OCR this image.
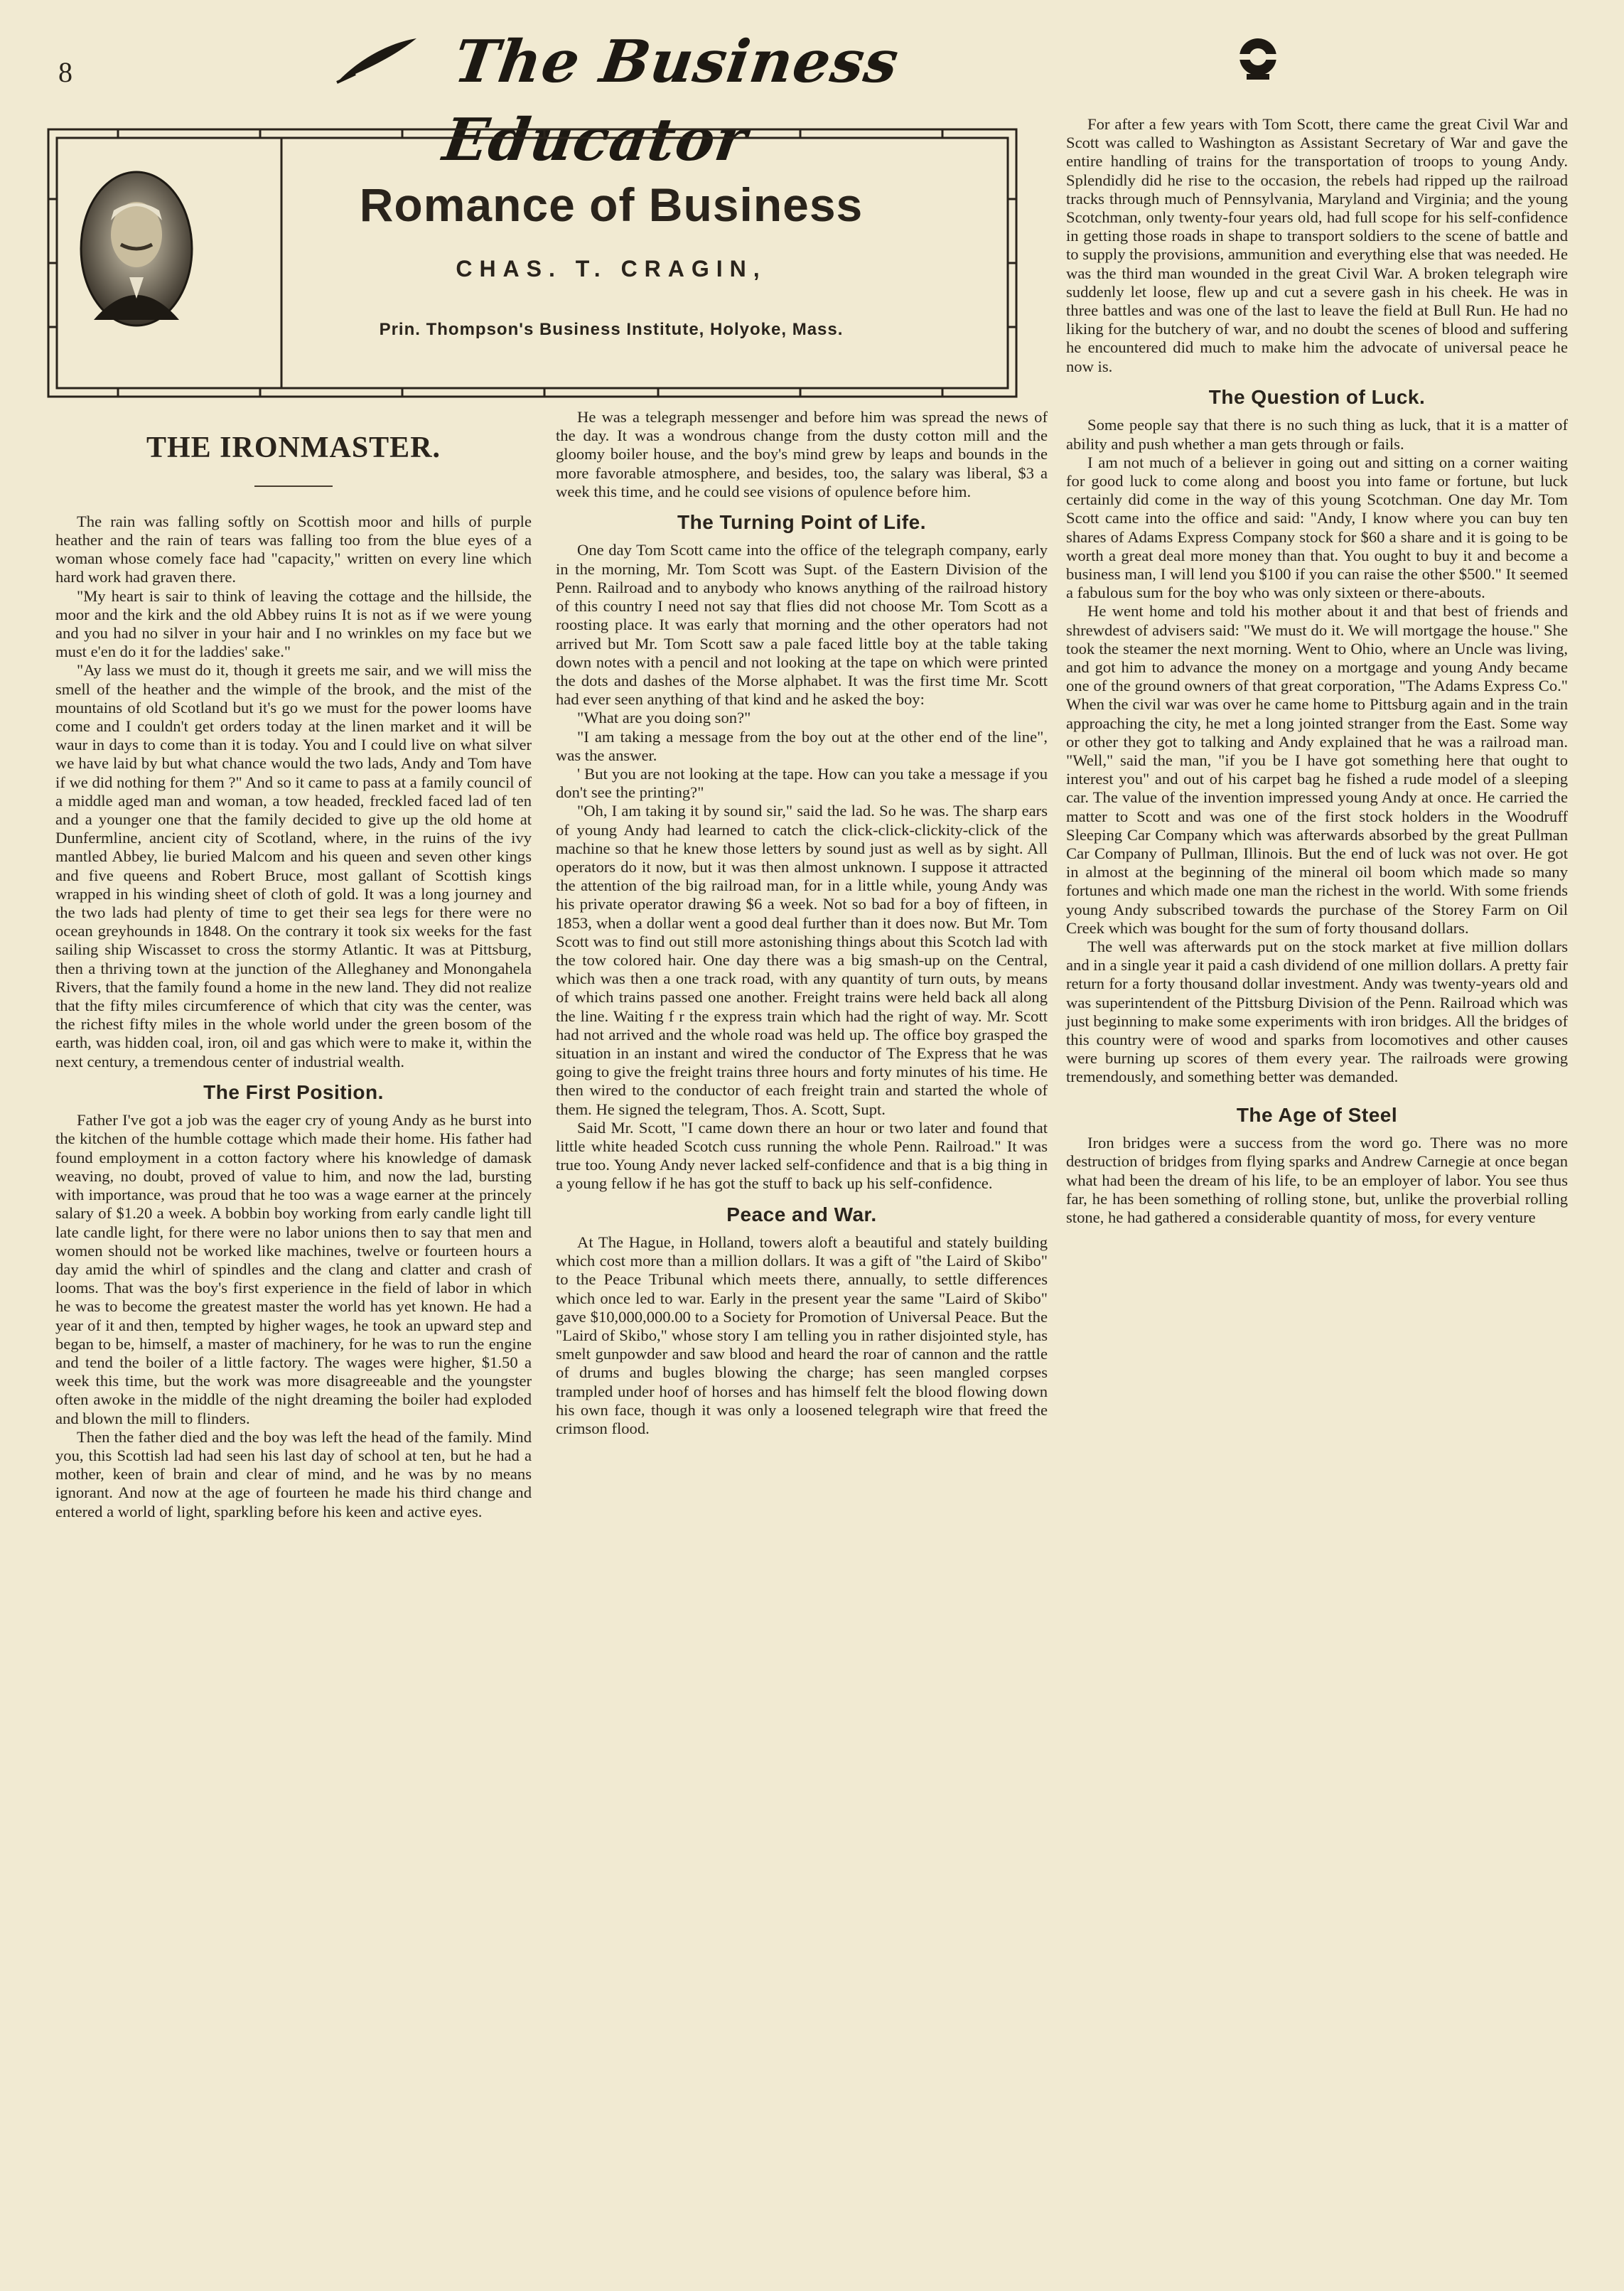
8	The Business Educator
Romance of Business
CHAS. T. CRAGIN,
Prin. Thompson's Business Institute, Holyoke, Mass.
THE IRONMASTER.

The rain was falling softly on Scottish moor and hills of purple heather and the rain of tears was falling too from the blue eyes of a woman whose comely face had "capacity," written on every line which hard work had graven there.

"My heart is sair to think of leaving the cottage and the hillside, the moor and the kirk and the old Abbey ruins It is not as if we were young and you had no silver in your hair and I no wrinkles on my face but we must e'en do it for the laddies' sake."

"Ay lass we must do it, though it greets me sair, and we will miss the smell of the heather and the wimple of the brook, and the mist of the mountains of old Scotland but it's go we must for the power looms have come and I couldn't get orders today at the linen market and it will be waur in days to come than it is today. You and I could live on what silver we have laid by but what chance would the two lads, Andy and Tom have if we did nothing for them ?" And so it came to pass at a family council of a middle aged man and woman, a tow headed, freckled faced lad of ten and a younger one that the family decided to give up the old home at Dunfermline, ancient city of Scotland, where, in the ruins of the ivy mantled Abbey, lie buried Malcom and his queen and seven other kings and five queens and Robert Bruce, most gallant of Scottish kings wrapped in his winding sheet of cloth of gold. It was a long journey and the two lads had plenty of time to get their sea legs for there were no ocean greyhounds in 1848. On the contrary it took six weeks for the fast sailing ship Wiscasset to cross the stormy Atlantic. It was at Pittsburg, then a thriving town at the junction of the Alleghaney and Monongahela Rivers, that the family found a home in the new land. They did not realize that the fifty miles circumference of which that city was the center, was the richest fifty miles in the whole world under the green bosom of the earth, was hidden coal, iron, oil and gas which were to make it, within the next century, a tremendous center of industrial wealth.

The First Position.

Father I've got a job was the eager cry of young Andy as he burst into the kitchen of the humble cottage which made their home. His father had found employment in a cotton factory where his knowledge of damask weaving, no doubt, proved of value to him, and now the lad, bursting with importance, was proud that he too was a wage earner at the princely salary of $1.20 a week. A bobbin boy working from early candle light till late candle light, for there were no labor unions then to say that men and women should not be worked like machines, twelve or fourteen hours a day amid the whirl of spindles and the clang and clatter and crash of looms. That was the boy's first experience in the field of labor in which he was to become the greatest master the world has yet known. He had a year of it and then, tempted by higher wages, he took an upward step and began to be, himself, a master of machinery, for he was to run the engine and tend the boiler of a little factory. The wages were higher, $1.50 a week this time, but the work was more disagreeable and the youngster often awoke in the middle of the night dreaming the boiler had exploded and blown the mill to flinders.

Then the father died and the boy was left the head of the family. Mind you, this Scottish lad had seen his last day of school at ten, but he had a mother, keen of brain and clear of mind, and he was by no means ignorant. And now at the age of fourteen he made his third change and entered a world of light, sparkling before his keen and active eyes.

He was a telegraph messenger and before him was spread the news of the day. It was a wondrous change from the dusty cotton mill and the gloomy boiler house, and the boy's mind grew by leaps and bounds in the more favorable atmosphere, and besides, too, the salary was liberal, $3 a week this time, and he could see visions of opulence before him.

The Turning Point of Life.

One day Tom Scott came into the office of the telegraph company, early in the morning, Mr. Tom Scott was Supt. of the Eastern Division of the Penn. Railroad and to anybody who knows anything of the railroad history of this country I need not say that flies did not choose Mr. Tom Scott as a roosting place. It was early that morning and the other operators had not arrived but Mr. Tom Scott saw a pale faced little boy at the table taking down notes with a pencil and not looking at the tape on which were printed the dots and dashes of the Morse alphabet. It was the first time Mr. Scott had ever seen anything of that kind and he asked the boy:

"What are you doing son?"

"I am taking a message from the boy out at the other end of the line", was the answer.

' But you are not looking at the tape. How can you take a message if you don't see the printing?"

"Oh, I am taking it by sound sir," said the lad. So he was. The sharp ears of young Andy had learned to catch the click-click-clickity-click of the machine so that he knew those letters by sound just as well as by sight. All operators do it now, but it was then almost unknown. I suppose it attracted the attention of the big railroad man, for in a little while, young Andy was his private operator drawing $6 a week. Not so bad for a boy of fifteen, in 1853, when a dollar went a good deal further than it does now. But Mr. Tom Scott was to find out still more astonishing things about this Scotch lad with the tow colored hair. One day there was a big smash-up on the Central, which was then a one track road, with any quantity of turn outs, by means of which trains passed one another. Freight trains were held back all along the line. Waiting f r the express train which had the right of way. Mr. Scott had not arrived and the whole road was held up. The office boy grasped the situation in an instant and wired the conductor of The Express that he was going to give the freight trains three hours and forty minutes of his time. He then wired to the conductor of each freight train and started the whole of them. He signed the telegram, Thos. A. Scott, Supt.

Said Mr. Scott, "I came down there an hour or two later and found that little white headed Scotch cuss running the whole Penn. Railroad." It was true too. Young Andy never lacked self-confidence and that is a big thing in a young fellow if he has got the stuff to back up his self-confidence.

Peace and War.

At The Hague, in Holland, towers aloft a beautiful and stately building which cost more than a million dollars. It was a gift of "the Laird of Skibo" to the Peace Tribunal which meets there, annually, to settle differences which once led to war. Early in the present year the same "Laird of Skibo" gave $10,000,000.00 to a Society for Promotion of Universal Peace. But the "Laird of Skibo," whose story I am telling you in rather disjointed style, has smelt gunpowder and saw blood and heard the roar of cannon and the rattle of drums and bugles blowing the charge; has seen mangled corpses trampled under hoof of horses and has himself felt the blood flowing down his own face, though it was only a loosened telegraph wire that freed the crimson flood.

For after a few years with Tom Scott, there came the great Civil War and Scott was called to Washington as Assistant Secretary of War and gave the entire handling of trains for the transportation of troops to young Andy. Splendidly did he rise to the occasion, the rebels had ripped up the railroad tracks through much of Pennsylvania, Maryland and Virginia; and the young Scotchman, only twenty-four years old, had full scope for his self-confidence in getting those roads in shape to transport soldiers to the scene of battle and to supply the provisions, ammunition and everything else that was needed. He was the third man wounded in the great Civil War. A broken telegraph wire suddenly let loose, flew up and cut a severe gash in his cheek. He was in three battles and was one of the last to leave the field at Bull Run. He had no liking for the butchery of war, and no doubt the scenes of blood and suffering he encountered did much to make him the advocate of universal peace he now is.

The Question of Luck.

Some people say that there is no such thing as luck, that it is a matter of ability and push whether a man gets through or fails.

I am not much of a believer in going out and sitting on a corner waiting for good luck to come along and boost you into fame or fortune, but luck certainly did come in the way of this young Scotchman. One day Mr. Tom Scott came into the office and said: "Andy, I know where you can buy ten shares of Adams Express Company stock for $60 a share and it is going to be worth a great deal more money than that. You ought to buy it and become a business man, I will lend you $100 if you can raise the other $500." It seemed a fabulous sum for the boy who was only sixteen or there-abouts.

He went home and told his mother about it and that best of friends and shrewdest of advisers said: "We must do it. We will mortgage the house." She took the steamer the next morning. Went to Ohio, where an Uncle was living, and got him to advance the money on a mortgage and young Andy became one of the ground owners of that great corporation, "The Adams Express Co." When the civil war was over he came home to Pittsburg again and in the train approaching the city, he met a long jointed stranger from the East. Some way or other they got to talking and Andy explained that he was a railroad man. "Well," said the man, "if you be I have got something here that ought to interest you" and out of his carpet bag he fished a rude model of a sleeping car. The value of the invention impressed young Andy at once. He carried the matter to Scott and was one of the first stock holders in the Woodruff Sleeping Car Company which was afterwards absorbed by the great Pullman Car Company of Pullman, Illinois. But the end of luck was not over. He got in almost at the beginning of the mineral oil boom which made so many fortunes and which made one man the richest in the world. With some friends young Andy subscribed towards the purchase of the Storey Farm on Oil Creek which was bought for the sum of forty thousand dollars.

The well was afterwards put on the stock market at five million dollars and in a single year it paid a cash dividend of one million dollars. A pretty fair return for a forty thousand dollar investment. Andy was twenty-years old and was superintendent of the Pittsburg Division of the Penn. Railroad which was just beginning to make some experiments with iron bridges. All the bridges of this country were of wood and sparks from locomotives and other causes were burning up scores of them every year. The railroads were growing tremendously, and something better was demanded.

The Age of Steel

Iron bridges were a success from the word go. There was no more destruction of bridges from flying sparks and Andrew Carnegie at once began what had been the dream of his life, to be an employer of labor. You see thus far, he has been something of rolling stone, but, unlike the proverbial rolling stone, he had gathered a considerable quantity of moss, for every venture
